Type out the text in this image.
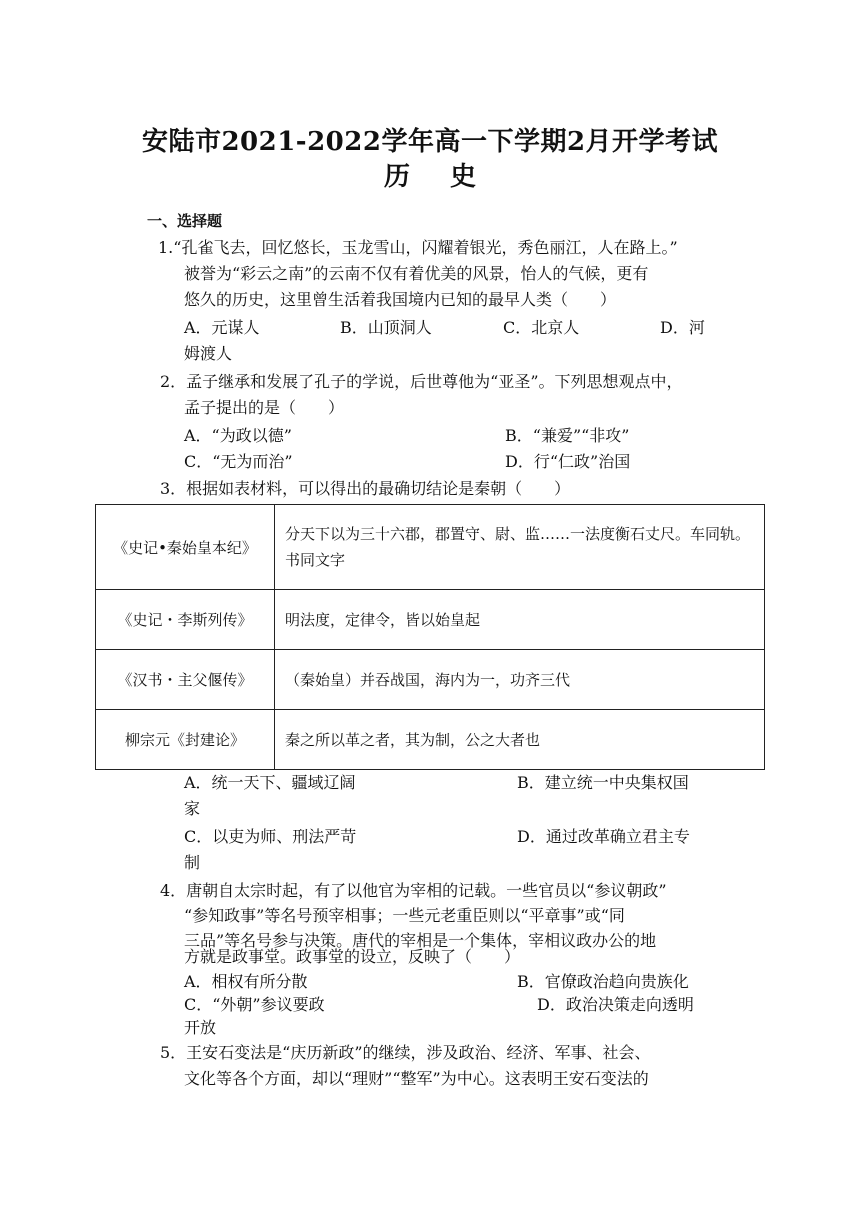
安陆市2021-2022学年高一下学期2月开学考试
历史
一、选择题
1.“孔雀飞去，回忆悠长，玉龙雪山，闪耀着银光，秀色丽江，人在路上。”
被誉为“彩云之南”的云南不仅有着优美的风景，怡人的气候，更有
悠久的历史，这里曾生活着我国境内已知的最早人类（　　）
A．元谋人	B．山顶洞人	C．北京人	D．河
姆渡人
2．孟子继承和发展了孔子的学说，后世尊他为“亚圣”。下列思想观点中，
孟子提出的是（　　）
A．“为政以德”	B．“兼爱”“非攻”
C．“无为而治”	D．行“仁政”治国
3．根据如表材料，可以得出的最确切结论是秦朝（　　）
《史记•秦始皇本纪》	分天下以为三十六郡，郡置守、尉、监……一法度衡石丈尺。车同轨。书同文字
《史记・李斯列传》	明法度，定律令，皆以始皇起
《汉书・主父偃传》	（秦始皇）并吞战国，海内为一，功齐三代
柳宗元《封建论》	秦之所以革之者，其为制，公之大者也
A．统一天下、疆域辽阔	B．建立统一中央集权国
家
C．以吏为师、刑法严苛	D．通过改革确立君主专
制
4．唐朝自太宗时起，有了以他官为宰相的记载。一些官员以“参议朝政”
“参知政事”等名号预宰相事；一些元老重臣则以“平章事”或“同
三品”等名号参与决策。唐代的宰相是一个集体，宰相议政办公的地
方就是政事堂。政事堂的设立，反映了（　　）
A．相权有所分散	B．官僚政治趋向贵族化
C．“外朝”参议要政	D．政治决策走向透明
开放
5．王安石变法是“庆历新政”的继续，涉及政治、经济、军事、社会、
文化等各个方面，却以“理财”“整军”为中心。这表明王安石变法的
